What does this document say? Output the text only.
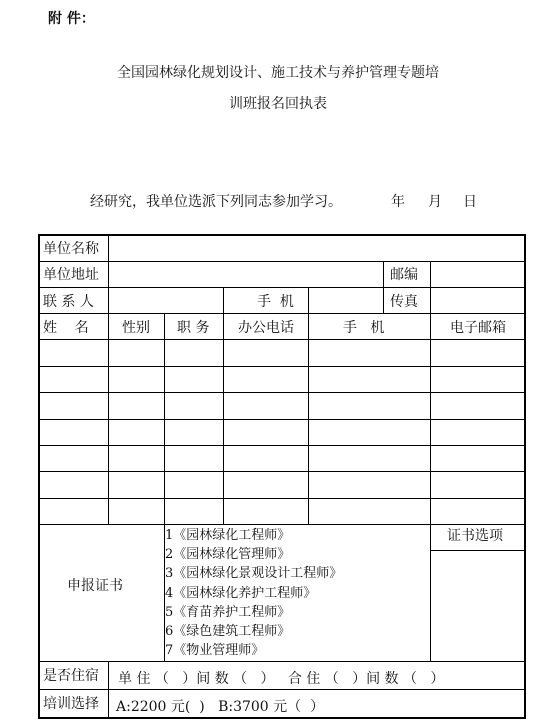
附 件：
全国园林绿化规划设计、施工技术与养护管理专题培
训班报名回执表
经研究，我单位选派下列同志参加学习。	年 月 日
单位名称
单位地址	邮编
联 系 人	手  机	传真
姓    名 性别 职 务 办公电话	手   机	电子邮箱
申报证书
证书选项
1《园林绿化工程师》
2《园林绿化管理师》
3《园林绿化景观设计工程师》
4《园林绿化养护工程师》
5《育苗养护工程师》
6《绿色建筑工程师》
7《物业管理师》
是否住宿 单 住 （   ）间 数 （   ）   合 住 （   ）间 数 （   ）
培训选择 A:2200 元(  )   B:3700 元（  ）
